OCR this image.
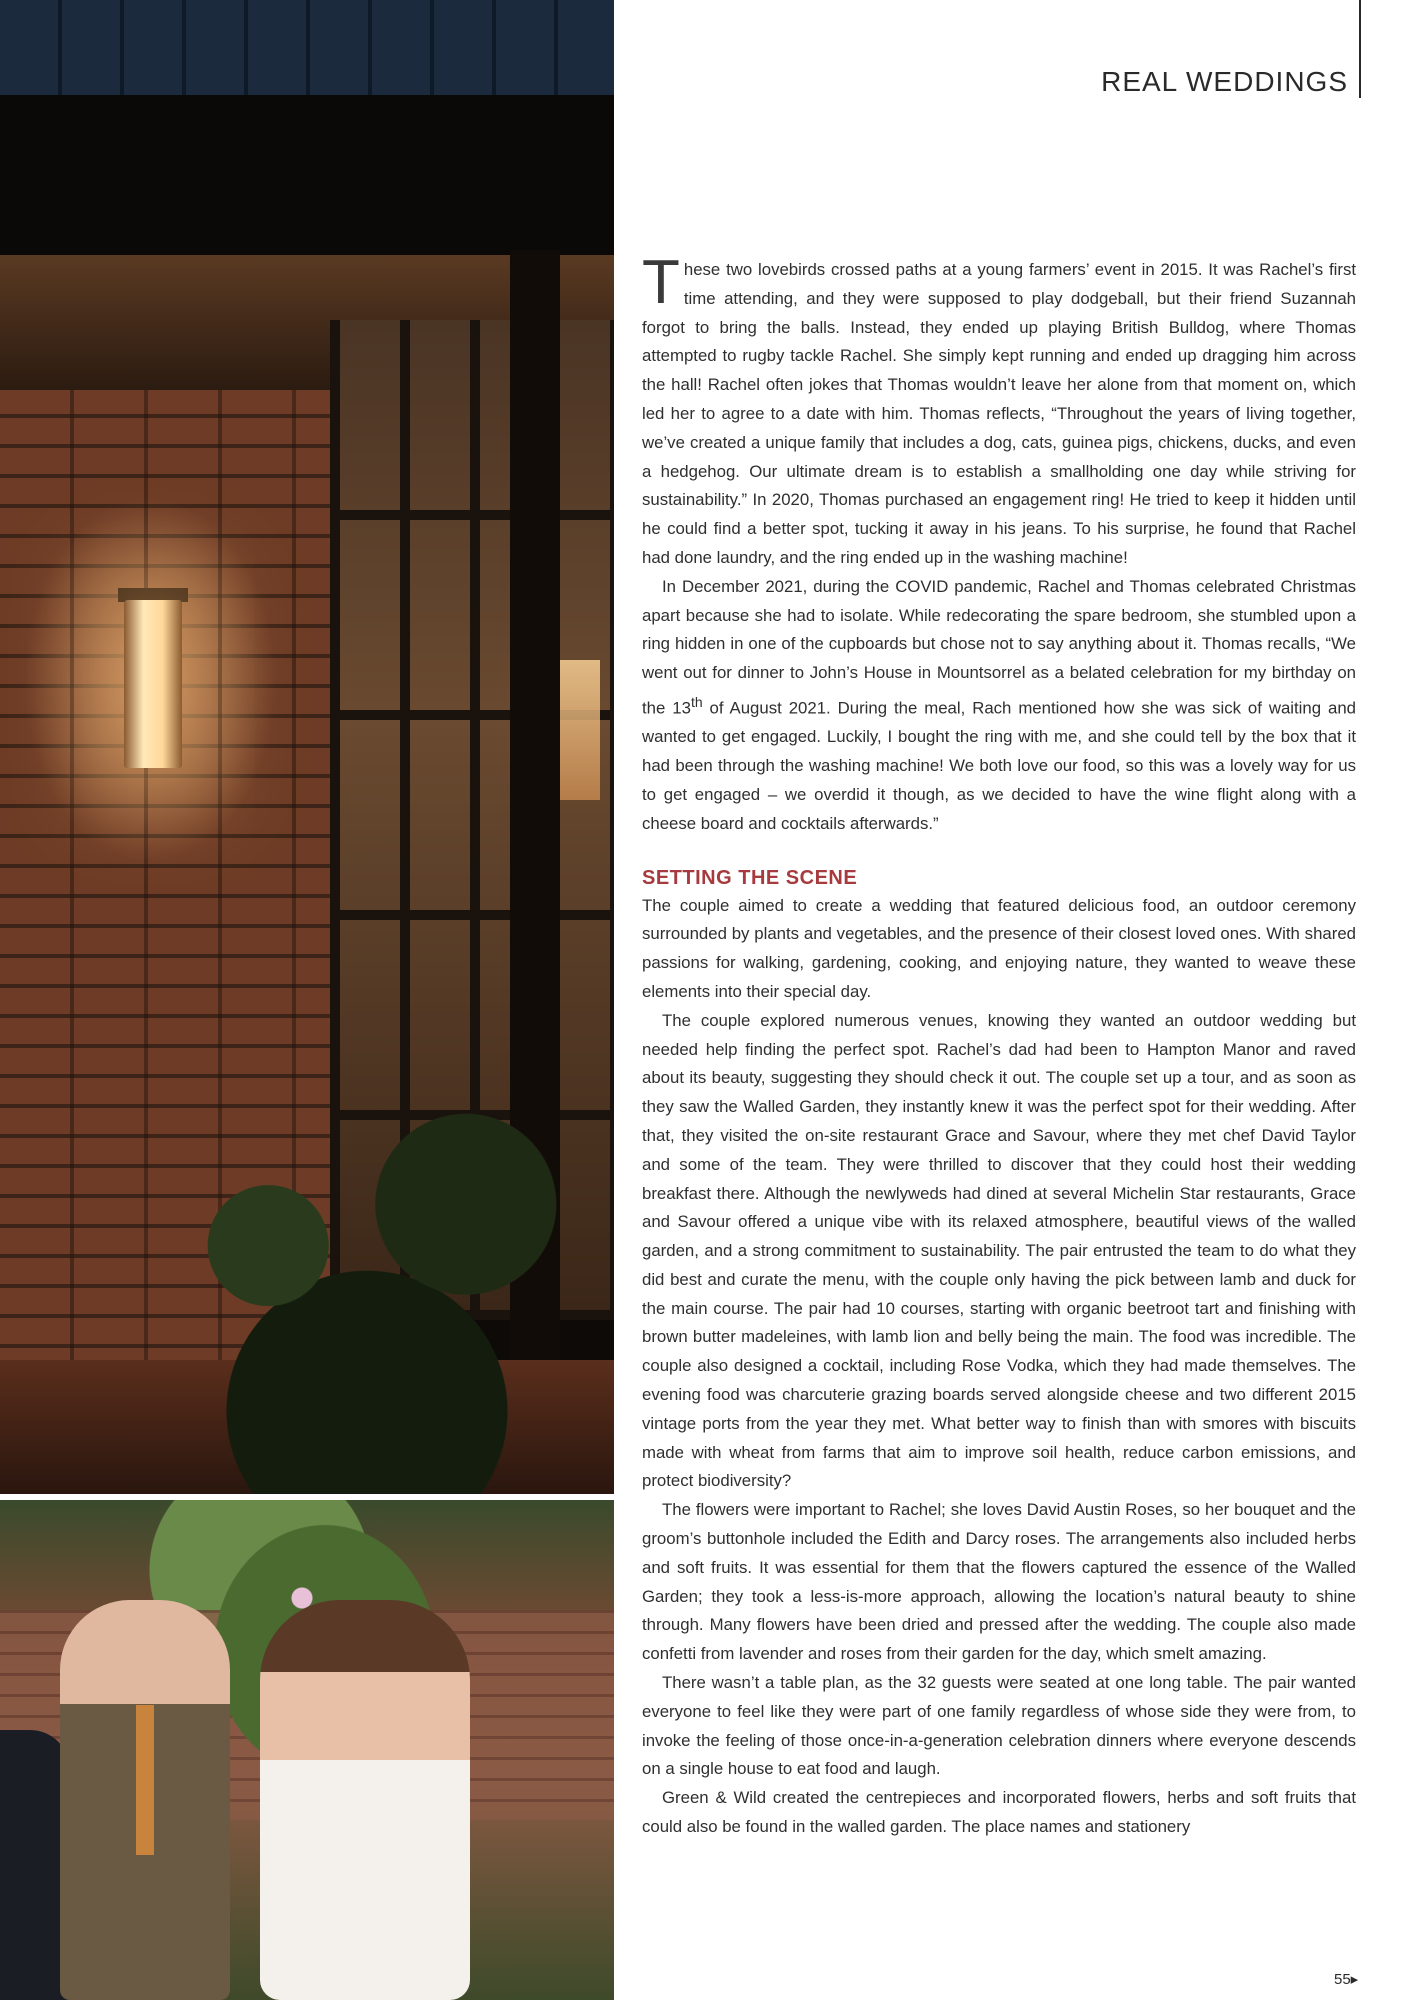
REAL WEDDINGS

These two lovebirds crossed paths at a young farmers’ event in 2015. It was Rachel’s first time attending, and they were supposed to play dodgeball, but their friend Suzannah forgot to bring the balls. Instead, they ended up playing British Bulldog, where Thomas attempted to rugby tackle Rachel. She simply kept running and ended up dragging him across the hall! Rachel often jokes that Thomas wouldn’t leave her alone from that moment on, which led her to agree to a date with him. Thomas reflects, “Throughout the years of living together, we’ve created a unique family that includes a dog, cats, guinea pigs, chickens, ducks, and even a hedgehog. Our ultimate dream is to establish a smallholding one day while striving for sustainability.” In 2020, Thomas purchased an engagement ring! He tried to keep it hidden until he could find a better spot, tucking it away in his jeans. To his surprise, he found that Rachel had done laundry, and the ring ended up in the washing machine!

In December 2021, during the COVID pandemic, Rachel and Thomas celebrated Christmas apart because she had to isolate. While redecorating the spare bedroom, she stumbled upon a ring hidden in one of the cupboards but chose not to say anything about it. Thomas recalls, “We went out for dinner to John’s House in Mountsorrel as a belated celebration for my birthday on the 13th of August 2021. During the meal, Rach mentioned how she was sick of waiting and wanted to get engaged. Luckily, I bought the ring with me, and she could tell by the box that it had been through the washing machine! We both love our food, so this was a lovely way for us to get engaged – we overdid it though, as we decided to have the wine flight along with a cheese board and cocktails afterwards.”

SETTING THE SCENE

The couple aimed to create a wedding that featured delicious food, an outdoor ceremony surrounded by plants and vegetables, and the presence of their closest loved ones. With shared passions for walking, gardening, cooking, and enjoying nature, they wanted to weave these elements into their special day.

The couple explored numerous venues, knowing they wanted an outdoor wedding but needed help finding the perfect spot. Rachel’s dad had been to Hampton Manor and raved about its beauty, suggesting they should check it out. The couple set up a tour, and as soon as they saw the Walled Garden, they instantly knew it was the perfect spot for their wedding. After that, they visited the on-site restaurant Grace and Savour, where they met chef David Taylor and some of the team. They were thrilled to discover that they could host their wedding breakfast there. Although the newlyweds had dined at several Michelin Star restaurants, Grace and Savour offered a unique vibe with its relaxed atmosphere, beautiful views of the walled garden, and a strong commitment to sustainability. The pair entrusted the team to do what they did best and curate the menu, with the couple only having the pick between lamb and duck for the main course. The pair had 10 courses, starting with organic beetroot tart and finishing with brown butter madeleines, with lamb lion and belly being the main. The food was incredible. The couple also designed a cocktail, including Rose Vodka, which they had made themselves. The evening food was charcuterie grazing boards served alongside cheese and two different 2015 vintage ports from the year they met. What better way to finish than with smores with biscuits made with wheat from farms that aim to improve soil health, reduce carbon emissions, and protect biodiversity?

The flowers were important to Rachel; she loves David Austin Roses, so her bouquet and the groom’s buttonhole included the Edith and Darcy roses. The arrangements also included herbs and soft fruits. It was essential for them that the flowers captured the essence of the Walled Garden; they took a less-is-more approach, allowing the location’s natural beauty to shine through. Many flowers have been dried and pressed after the wedding. The couple also made confetti from lavender and roses from their garden for the day, which smelt amazing.

There wasn’t a table plan, as the 32 guests were seated at one long table. The pair wanted everyone to feel like they were part of one family regardless of whose side they were from, to invoke the feeling of those once-in-a-generation celebration dinners where everyone descends on a single house to eat food and laugh.

Green & Wild created the centrepieces and incorporated flowers, herbs and soft fruits that could also be found in the walled garden. The place names and stationery

55▸
